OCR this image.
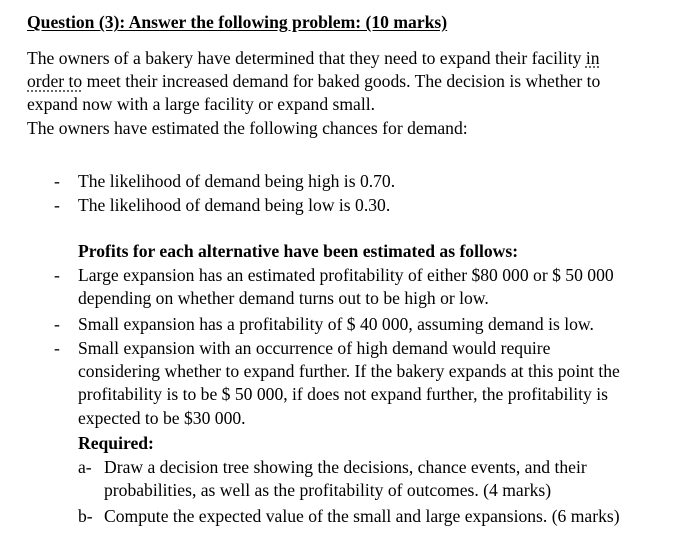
Question (3): Answer the following problem: (10 marks)
The owners of a bakery have determined that they need to expand their facility in
order to meet their increased demand for baked goods. The decision is whether to
expand now with a large facility or expand small.
The owners have estimated the following chances for demand:
- The likelihood of demand being high is 0.70.
- The likelihood of demand being low is 0.30.
Profits for each alternative have been estimated as follows:
- Large expansion has an estimated profitability of either $80 000 or $ 50 000
depending on whether demand turns out to be high or low.
- Small expansion has a profitability of $ 40 000, assuming demand is low.
- Small expansion with an occurrence of high demand would require
considering whether to expand further. If the bakery expands at this point the
profitability is to be $ 50 000, if does not expand further, the profitability is
expected to be $30 000.
Required:
a- Draw a decision tree showing the decisions, chance events, and their
probabilities, as well as the profitability of outcomes. (4 marks)
b- Compute the expected value of the small and large expansions. (6 marks)
